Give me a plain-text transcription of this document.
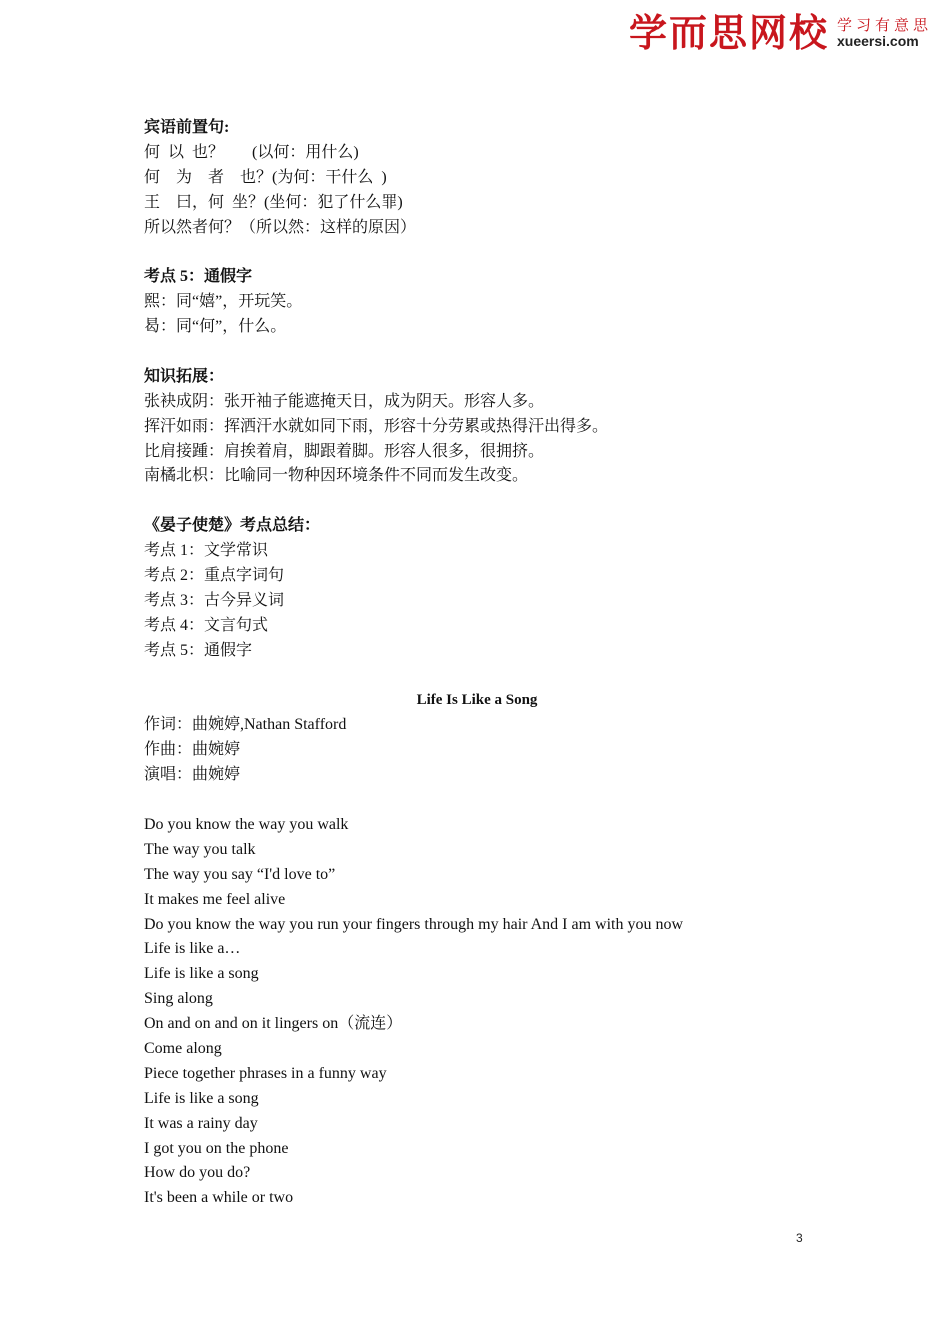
学而思网校 学习有意思
xueersi.com
宾语前置句:
何  以  也？       (以何：用什么)
何    为    者    也？(为何：干什么  )
王    曰，何  坐？(坐何：犯了什么罪)
所以然者何？（所以然：这样的原因）
考点 5：通假字
熙：同“嬉”，开玩笑。
曷：同“何”，什么。
知识拓展：
张袂成阴：张开袖子能遮掩天日，成为阴天。形容人多。
挥汗如雨：挥洒汗水就如同下雨，形容十分劳累或热得汗出得多。
比肩接踵：肩挨着肩，脚跟着脚。形容人很多，很拥挤。
南橘北枳：比喻同一物种因环境条件不同而发生改变。
《晏子使楚》考点总结：
考点 1：文学常识
考点 2：重点字词句
考点 3：古今异义词
考点 4：文言句式
考点 5：通假字
Life Is Like a Song
作词：曲婉婷,Nathan Stafford
作曲：曲婉婷
演唱：曲婉婷
Do you know the way you walk
The way you talk
The way you say “I'd love to”
It makes me feel alive
Do you know the way you run your fingers through my hair And I am with you now
Life is like a…
Life is like a song
Sing along
On and on and on it lingers on（流连）
Come along
Piece together phrases in a funny way
Life is like a song
It was a rainy day
I got you on the phone
How do you do?
It's been a while or two
3
